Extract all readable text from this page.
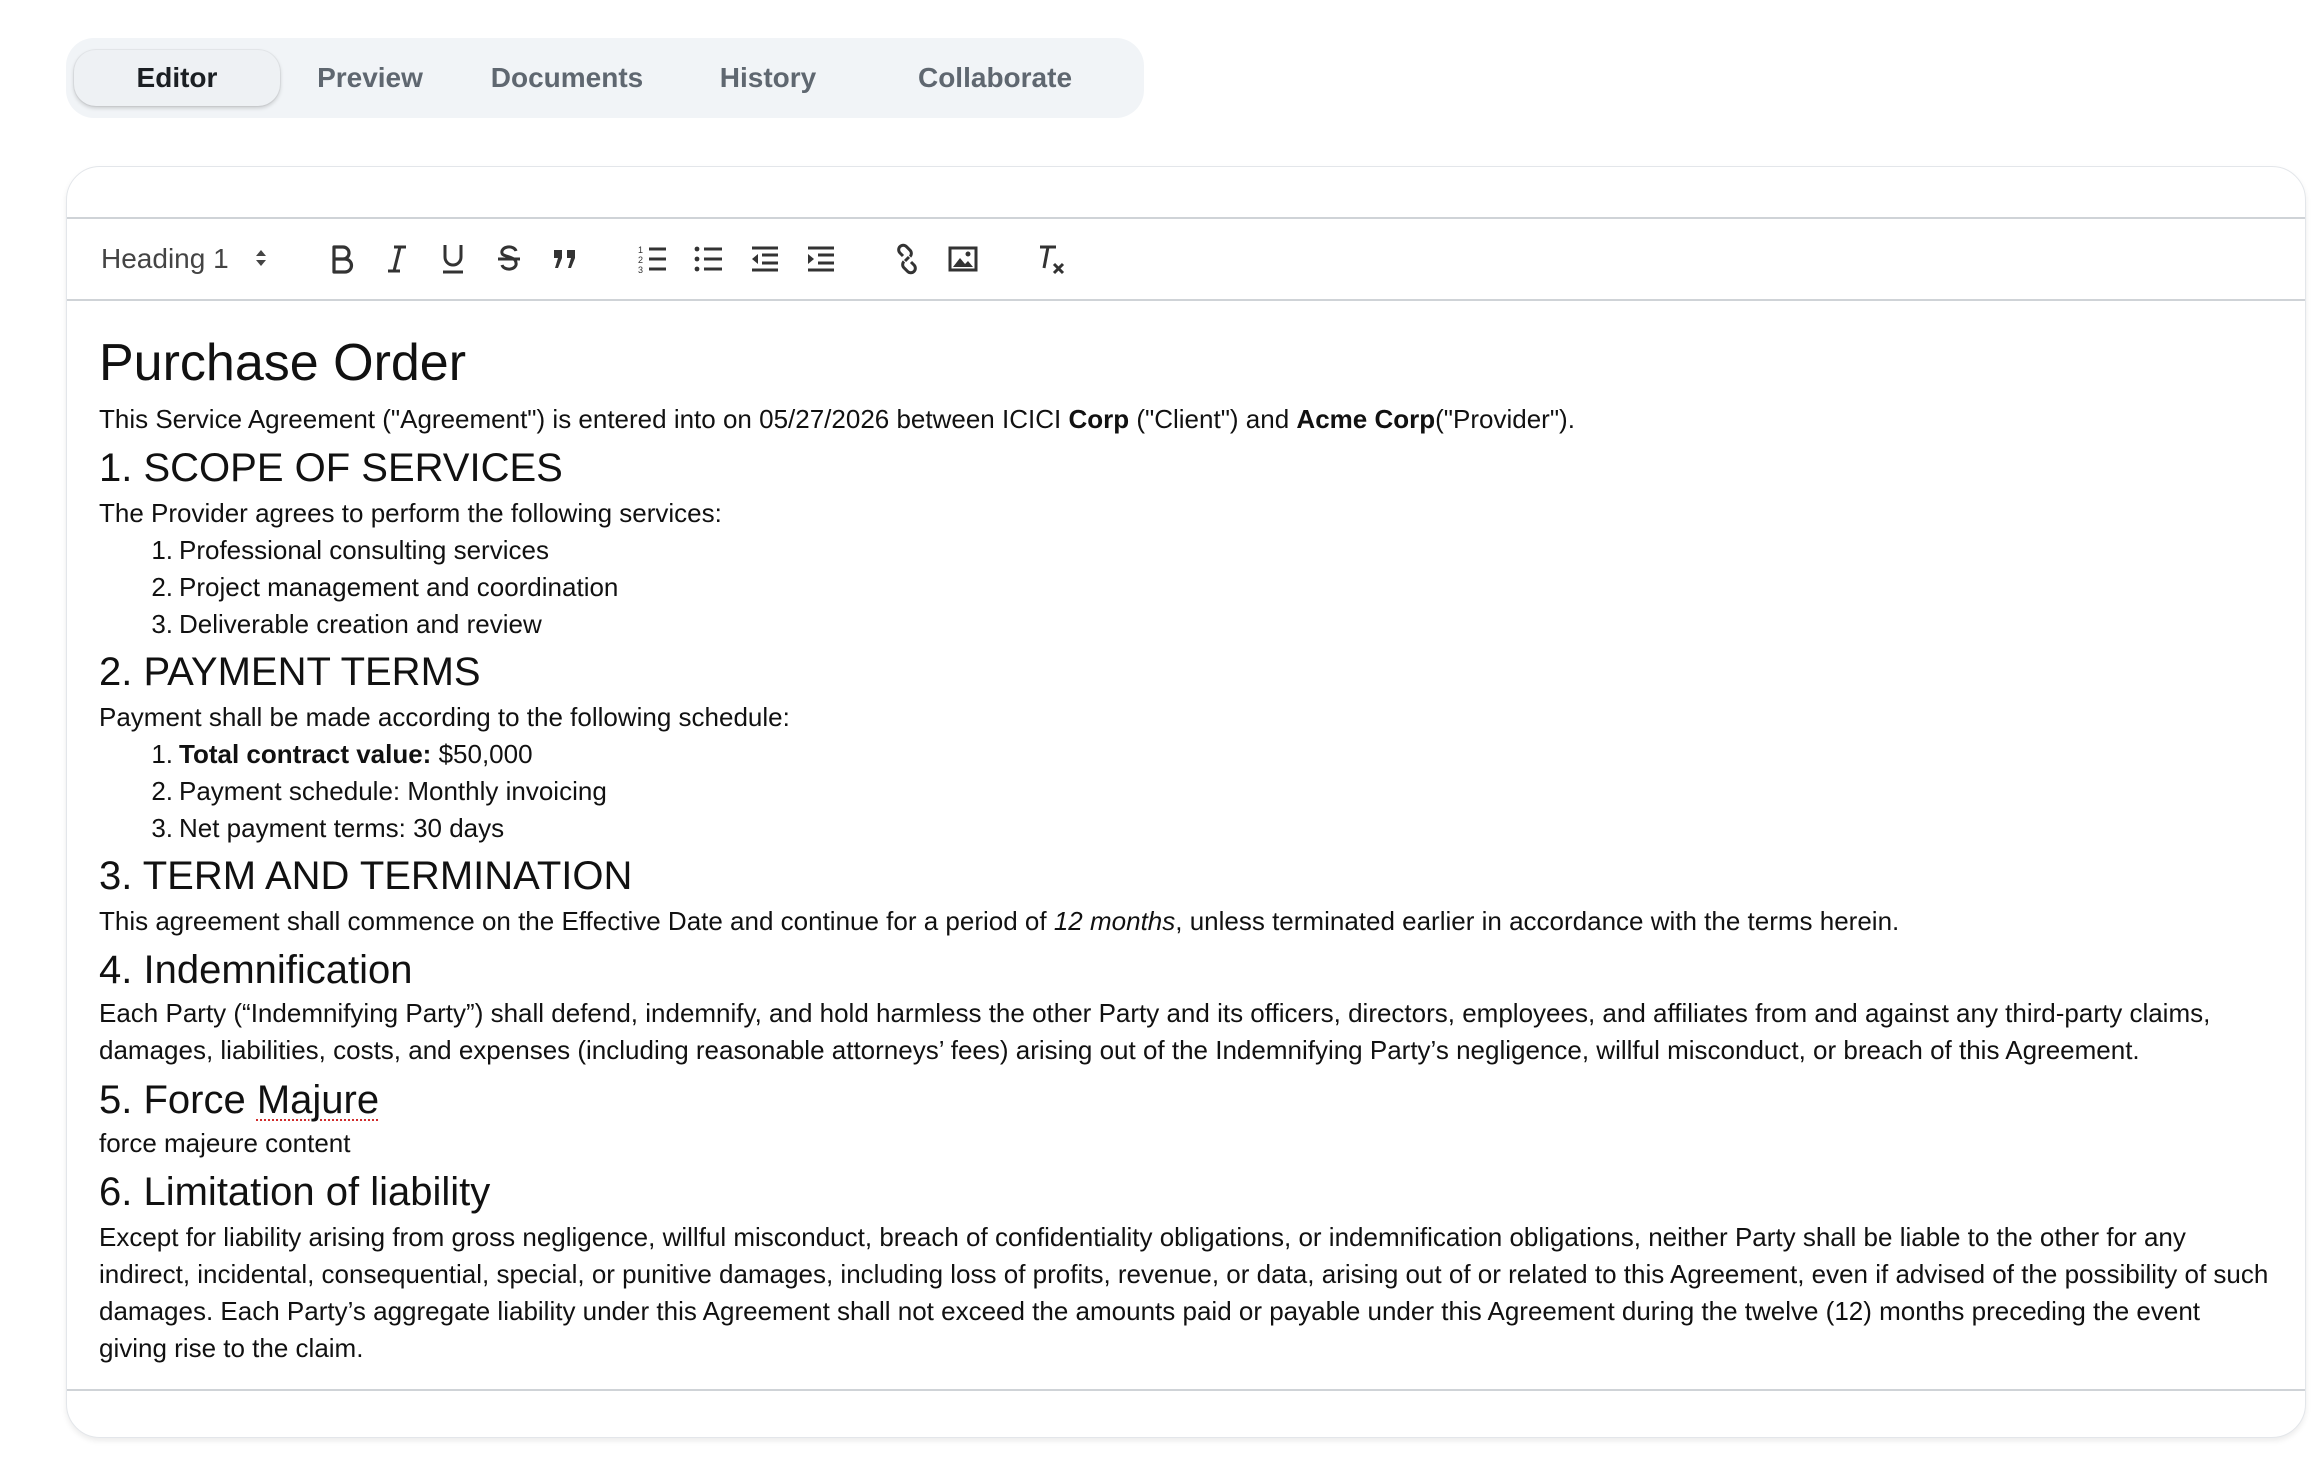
Editor	Preview	Documents	History	Collaborate
Heading 1	1
2
3
Purchase Order

This Service Agreement ("Agreement") is entered into on 05/27/2026 between ICICI Corp ("Client") and Acme Corp("Provider").

1. SCOPE OF SERVICES

The Provider agrees to perform the following services:

1. Professional consulting services
2. Project management and coordination
3. Deliverable creation and review
2. PAYMENT TERMS

Payment shall be made according to the following schedule:

1. Total contract value: $50,000
2. Payment schedule: Monthly invoicing
3. Net payment terms: 30 days
3. TERM AND TERMINATION

This agreement shall commence on the Effective Date and continue for a period of 12 months, unless terminated earlier in accordance with the terms herein.

4. Indemnification

Each Party (“Indemnifying Party”) shall defend, indemnify, and hold harmless the other Party and its officers, directors, employees, and affiliates from and against any third-party claims, damages, liabilities, costs, and expenses (including reasonable attorneys’ fees) arising out of the Indemnifying Party’s negligence, willful misconduct, or breach of this Agreement.

5. Force Majure

force majeure content

6. Limitation of liability

Except for liability arising from gross negligence, willful misconduct, breach of confidentiality obligations, or indemnification obligations, neither Party shall be liable to the other for any indirect, incidental, consequential, special, or punitive damages, including loss of profits, revenue, or data, arising out of or related to this Agreement, even if advised of the possibility of such damages. Each Party’s aggregate liability under this Agreement shall not exceed the amounts paid or payable under this Agreement during the twelve (12) months preceding the event giving rise to the claim.
